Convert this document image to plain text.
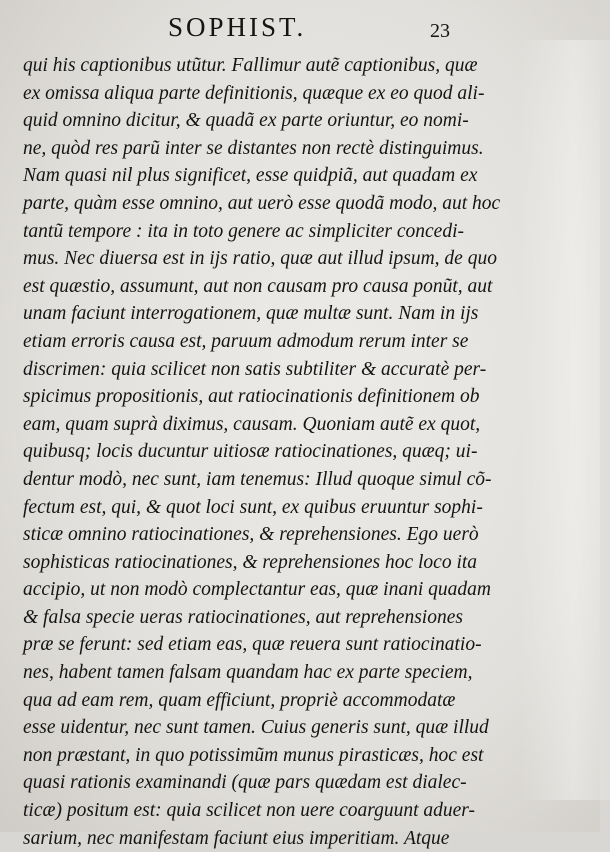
SOPHIST.	23
qui his captionibus utũtur. Fallimur autẽ captionibus, quæ
ex omissa aliqua parte definitionis, quæque ex eo quod ali-
quid omnino dicitur, & quadã ex parte oriuntur, eo nomi-
ne, quòd res parũ inter se distantes non rectè distinguimus.
Nam quasi nil plus significet, esse quidpiã, aut quadam ex
parte, quàm esse omnino, aut uerò esse quodã modo, aut hoc
tantũ tempore : ita in toto genere ac simpliciter concedi-
mus. Nec diuersa est in ijs ratio, quæ aut illud ipsum, de quo
est quæstio, assumunt, aut non causam pro causa ponũt, aut
unam faciunt interrogationem, quæ multæ sunt. Nam in ijs
etiam erroris causa est, paruum admodum rerum inter se
discrimen: quia scilicet non satis subtiliter & accuratè per-
spicimus propositionis, aut ratiocinationis definitionem ob
eam, quam suprà diximus, causam. Quoniam autẽ ex quot,
quibusq; locis ducuntur uitiosæ ratiocinationes, quæq; ui-
dentur modò, nec sunt, iam tenemus: Illud quoque simul cõ-
fectum est, qui, & quot loci sunt, ex quibus eruuntur sophi-
sticæ omnino ratiocinationes, & reprehensiones. Ego uerò
sophisticas ratiocinationes, & reprehensiones hoc loco ita
accipio, ut non modò complectantur eas, quæ inani quadam
& falsa specie ueras ratiocinationes, aut reprehensiones
præ se ferunt: sed etiam eas, quæ reuera sunt ratiocinatio-
nes, habent tamen falsam quandam hac ex parte speciem,
qua ad eam rem, quam efficiunt, propriè accommodatæ
esse uidentur, nec sunt tamen. Cuius generis sunt, quæ illud
non præstant, in quo potissimũm munus pirasticæs, hoc est
quasi rationis examinandi (quæ pars quædam est dialec-
ticæ) positum est: quia scilicet non uere coarguunt aduer-
sarium, nec manifestam faciunt eius imperitiam. Atque
